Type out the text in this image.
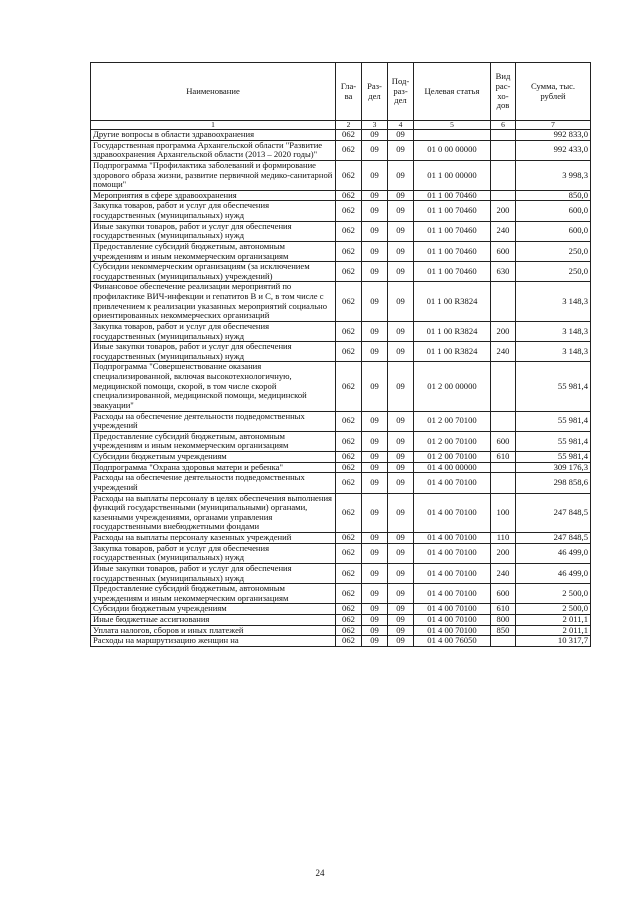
Наименование	Гла-ва	Раз-дел	Под-раз-дел	Целевая статья	Вид рас-хо-дов	Сумма, тыс. рублей
1	2	3	4	5	6	7
Другие вопросы в области здравоохранения	062	09	09			992 833,0
Государственная программа Архангельской области "Развитие здравоохранения Архангельской области (2013 – 2020 годы)"	062	09	09	01 0 00 00000		992 433,0
Подпрограмма "Профилактика заболеваний и формирование здорового образа жизни, развитие первичной медико-санитарной помощи"	062	09	09	01 1 00 00000		3 998,3
Мероприятия в сфере здравоохранения	062	09	09	01 1 00 70460		850,0
Закупка товаров, работ и услуг для обеспечения государственных (муниципальных) нужд	062	09	09	01 1 00 70460	200	600,0
Иные закупки товаров, работ и услуг для обеспечения государственных (муниципальных) нужд	062	09	09	01 1 00 70460	240	600,0
Предоставление субсидий бюджетным, автономным учреждениям и иным некоммерческим организациям	062	09	09	01 1 00 70460	600	250,0
Субсидии некоммерческим организациям (за исключением государственных (муниципальных) учреждений)	062	09	09	01 1 00 70460	630	250,0
Финансовое обеспечение реализации мероприятий по профилактике ВИЧ-инфекции и гепатитов B и C, в том числе с привлечением к реализации указанных мероприятий социально ориентированных некоммерческих организаций	062	09	09	01 1 00 R3824		3 148,3
Закупка товаров, работ и услуг для обеспечения государственных (муниципальных) нужд	062	09	09	01 1 00 R3824	200	3 148,3
Иные закупки товаров, работ и услуг для обеспечения государственных (муниципальных) нужд	062	09	09	01 1 00 R3824	240	3 148,3
Подпрограмма "Совершенствование оказания специализированной, включая высокотехнологичную, медицинской помощи, скорой, в том числе скорой специализированной, медицинской помощи, медицинской эвакуации"	062	09	09	01 2 00 00000		55 981,4
Расходы на обеспечение деятельности подведомственных учреждений	062	09	09	01 2 00 70100		55 981,4
Предоставление субсидий бюджетным, автономным учреждениям и иным некоммерческим организациям	062	09	09	01 2 00 70100	600	55 981,4
Субсидии бюджетным учреждениям	062	09	09	01 2 00 70100	610	55 981,4
Подпрограмма "Охрана здоровья матери и ребенка"	062	09	09	01 4 00 00000		309 176,3
Расходы на обеспечение деятельности подведомственных учреждений	062	09	09	01 4 00 70100		298 858,6
Расходы на выплаты персоналу в целях обеспечения выполнения функций государственными (муниципальными) органами, казенными учреждениями, органами управления государственными внебюджетными фондами	062	09	09	01 4 00 70100	100	247 848,5
Расходы на выплаты персоналу казенных учреждений	062	09	09	01 4 00 70100	110	247 848,5
Закупка товаров, работ и услуг для обеспечения государственных (муниципальных) нужд	062	09	09	01 4 00 70100	200	46 499,0
Иные закупки товаров, работ и услуг для обеспечения государственных (муниципальных) нужд	062	09	09	01 4 00 70100	240	46 499,0
Предоставление субсидий бюджетным, автономным учреждениям и иным некоммерческим организациям	062	09	09	01 4 00 70100	600	2 500,0
Субсидии бюджетным учреждениям	062	09	09	01 4 00 70100	610	2 500,0
Иные бюджетные ассигнования	062	09	09	01 4 00 70100	800	2 011,1
Уплата налогов, сборов и иных платежей	062	09	09	01 4 00 70100	850	2 011,1
Расходы на маршрутизацию женщин на	062	09	09	01 4 00 76050		10 317,7
24
